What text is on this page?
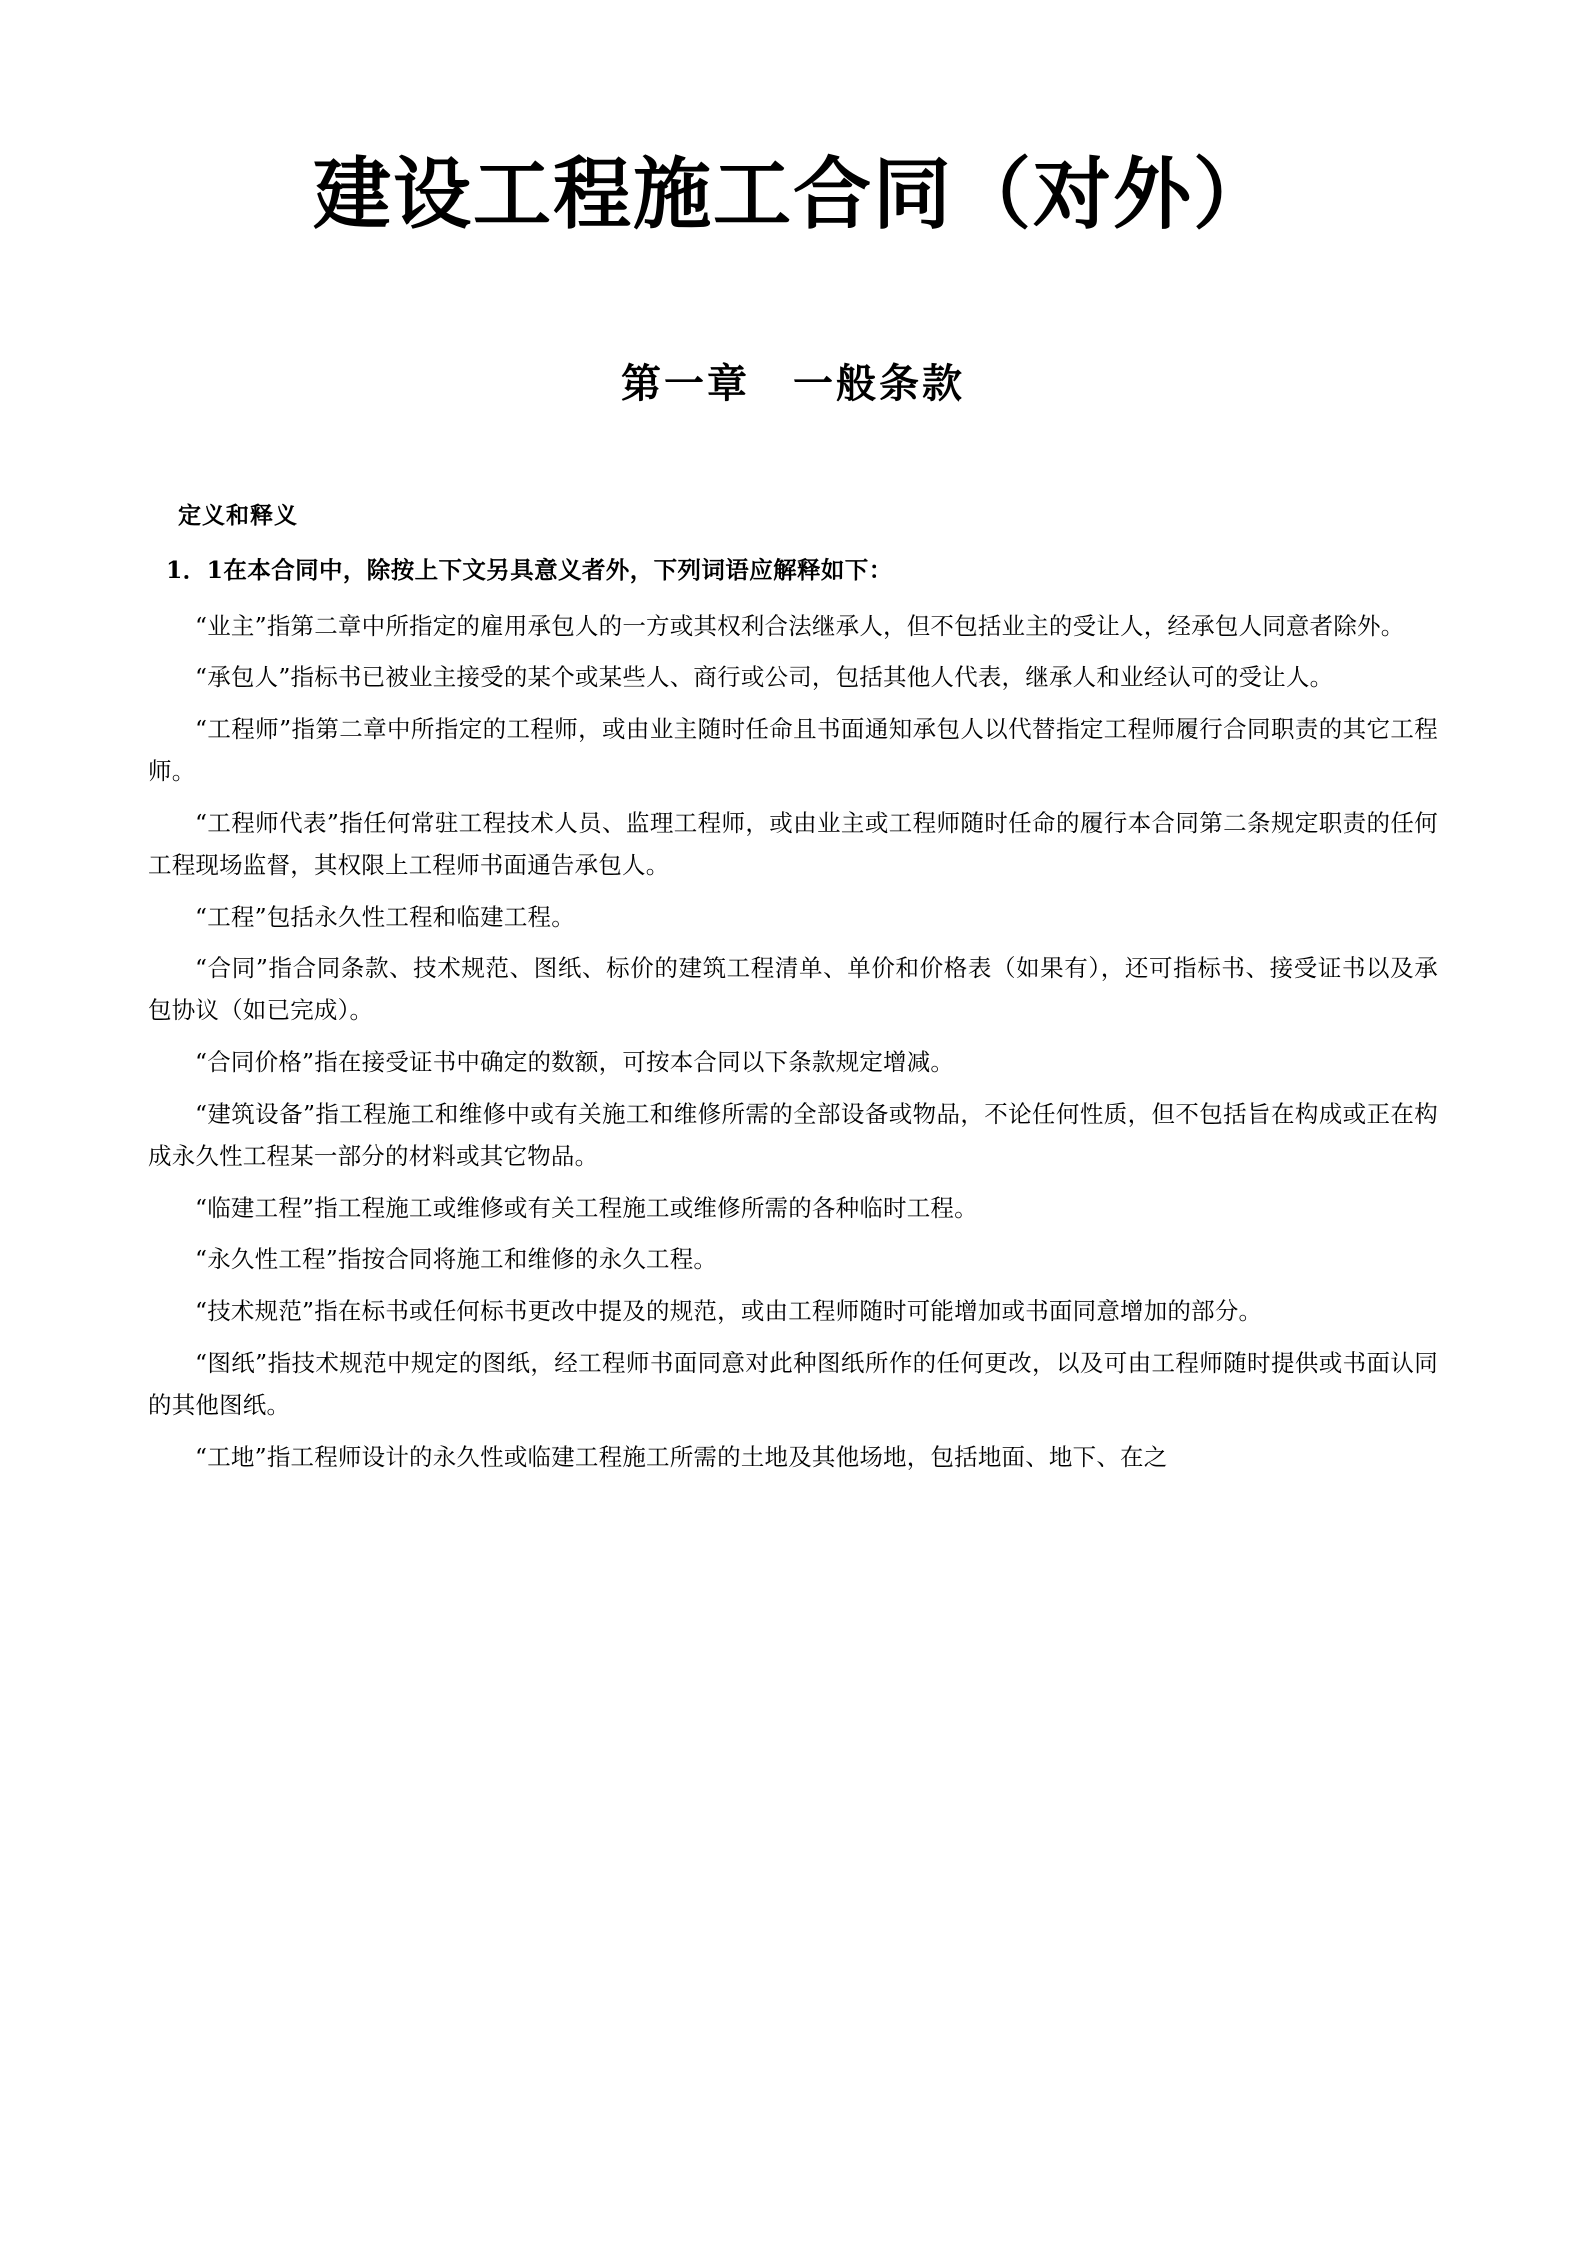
建设工程施工合同（对外）
第一章　一般条款
定义和释义
1．1在本合同中，除按上下文另具意义者外，下列词语应解释如下：

“业主”指第二章中所指定的雇用承包人的一方或其权利合法继承人，但不包括业主的受让人，经承包人同意者除外。

“承包人”指标书已被业主接受的某个或某些人、商行或公司，包括其他人代表，继承人和业经认可的受让人。

“工程师”指第二章中所指定的工程师，或由业主随时任命且书面通知承包人以代替指定工程师履行合同职责的其它工程师。

“工程师代表”指任何常驻工程技术人员、监理工程师，或由业主或工程师随时任命的履行本合同第二条规定职责的任何工程现场监督，其权限上工程师书面通告承包人。

“工程”包括永久性工程和临建工程。

“合同”指合同条款、技术规范、图纸、标价的建筑工程清单、单价和价格表（如果有），还可指标书、接受证书以及承包协议（如已完成）。

“合同价格”指在接受证书中确定的数额，可按本合同以下条款规定增减。

“建筑设备”指工程施工和维修中或有关施工和维修所需的全部设备或物品，不论任何性质，但不包括旨在构成或正在构成永久性工程某一部分的材料或其它物品。

“临建工程”指工程施工或维修或有关工程施工或维修所需的各种临时工程。

“永久性工程”指按合同将施工和维修的永久工程。

“技术规范”指在标书或任何标书更改中提及的规范，或由工程师随时可能增加或书面同意增加的部分。

“图纸”指技术规范中规定的图纸，经工程师书面同意对此种图纸所作的任何更改，以及可由工程师随时提供或书面认同的其他图纸。

“工地”指工程师设计的永久性或临建工程施工所需的土地及其他场地，包括地面、地下、在之
